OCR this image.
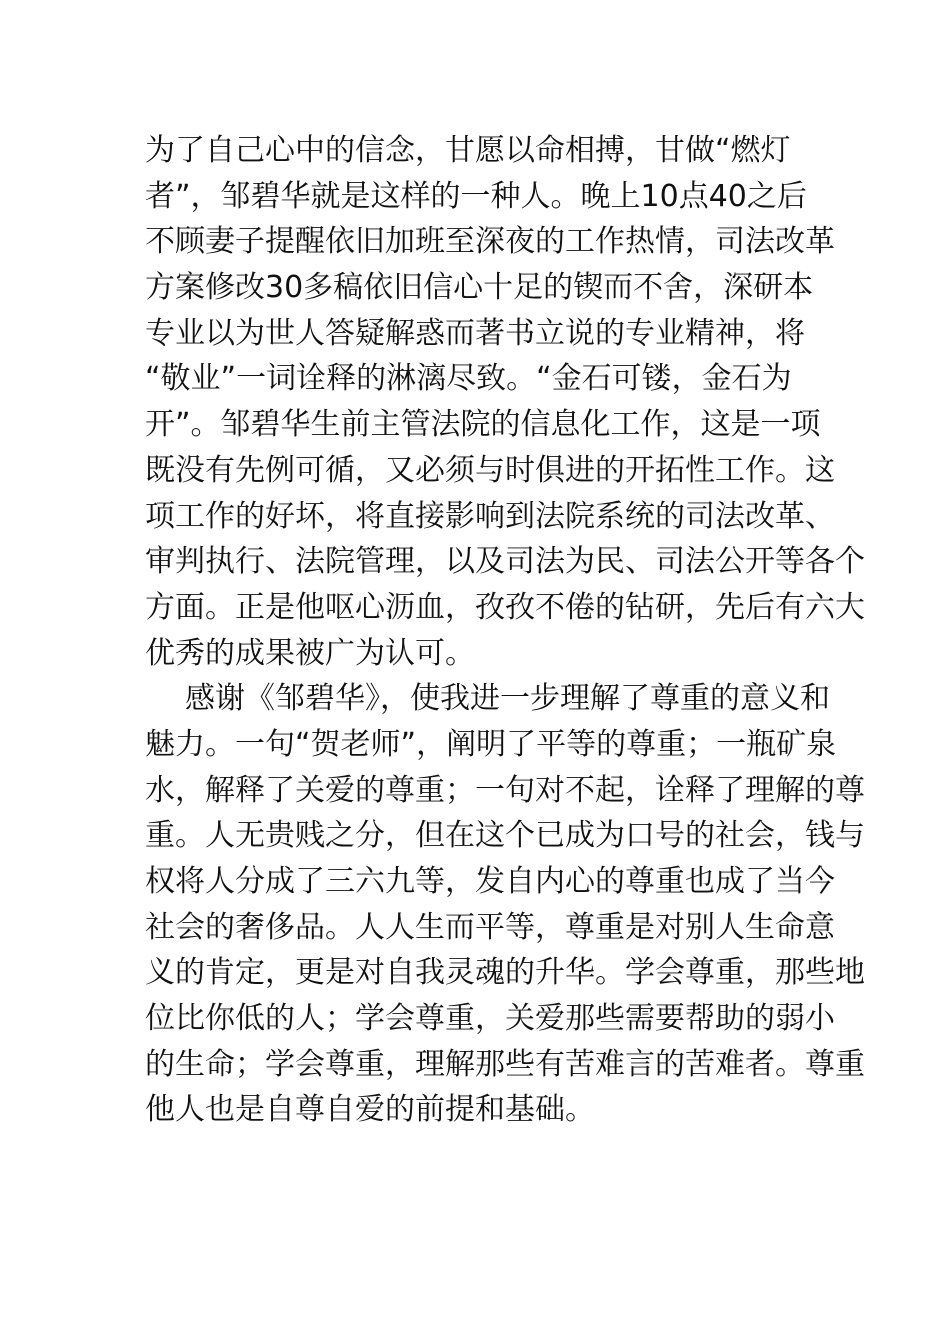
为了自己心中的信念，甘愿以命相搏，甘做“燃灯
者”，邹碧华就是这样的一种人。晚上10点40之后
不顾妻子提醒依旧加班至深夜的工作热情，司法改革
方案修改30多稿依旧信心十足的锲而不舍，深研本
专业以为世人答疑解惑而著书立说的专业精神，将
“敬业”一词诠释的淋漓尽致。“金石可镂，金石为
开”。邹碧华生前主管法院的信息化工作，这是一项
既没有先例可循，又必须与时俱进的开拓性工作。这
项工作的好坏，将直接影响到法院系统的司法改革、
审判执行、法院管理，以及司法为民、司法公开等各个
方面。正是他呕心沥血，孜孜不倦的钻研，先后有六大
优秀的成果被广为认可。
感谢《邹碧华》，使我进一步理解了尊重的意义和
魅力。一句“贺老师”，阐明了平等的尊重；一瓶矿泉
水，解释了关爱的尊重；一句对不起，诠释了理解的尊
重。人无贵贱之分，但在这个已成为口号的社会，钱与
权将人分成了三六九等，发自内心的尊重也成了当今
社会的奢侈品。人人生而平等，尊重是对别人生命意
义的肯定，更是对自我灵魂的升华。学会尊重，那些地
位比你低的人；学会尊重，关爱那些需要帮助的弱小
的生命；学会尊重，理解那些有苦难言的苦难者。尊重
他人也是自尊自爱的前提和基础。
